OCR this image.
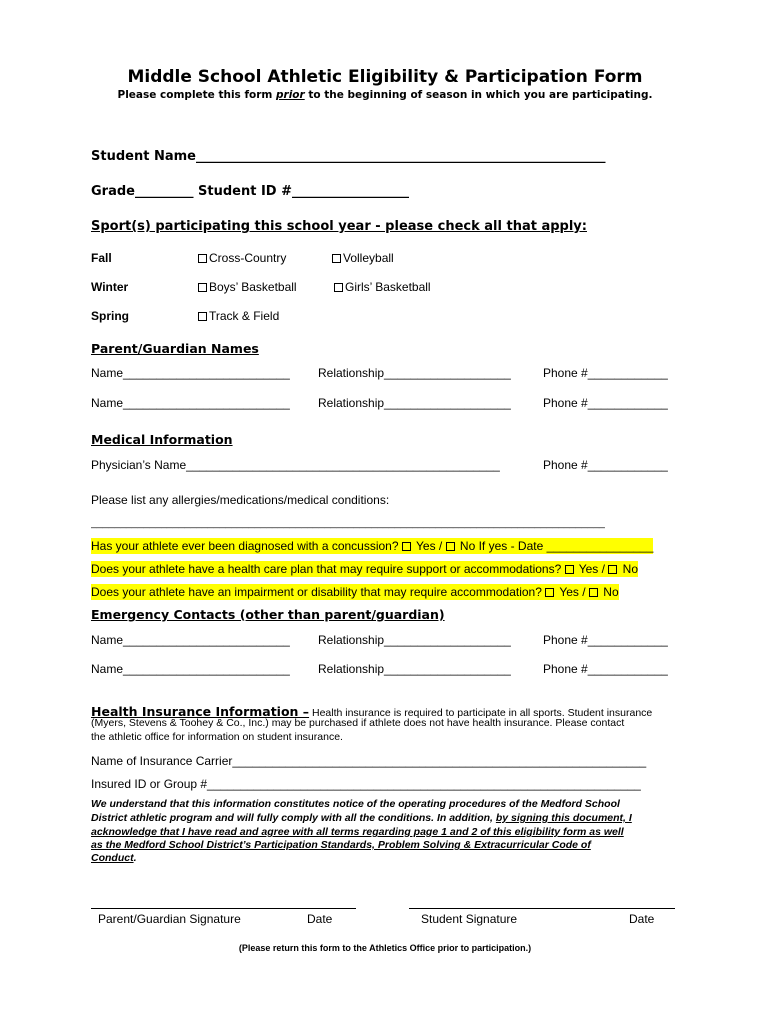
Middle School Athletic Eligibility & Participation Form
Please complete this form prior to the beginning of season in which you are participating.
Student Name_______________________________________________________________
Grade_________ Student ID #__________________
Sport(s) participating this school year - please check all that apply:
Fall	Cross-Country	Volleyball
Winter	Boys’ Basketball	Girls’ Basketball
Spring	Track & Field
Parent/Guardian Names
Name_________________________ Relationship___________________	Phone #____________
Name_________________________ Relationship___________________	Phone #____________
Medical Information
Physician’s Name_______________________________________________	Phone #____________
Please list any allergies/medications/medical conditions:
________________________________________________________________________________________
Has your athlete ever been diagnosed with a concussion?  Yes /  No If yes - Date ________________
Does your athlete have a health care plan that may require support or accommodations?  Yes /  No
Does your athlete have an impairment or disability that may require accommodation?  Yes /  No
Emergency Contacts (other than parent/guardian)
Name_________________________ Relationship___________________	Phone #____________
Name_________________________ Relationship___________________	Phone #____________
Health Insurance Information – Health insurance is required to participate in all sports. Student insurance
(Myers, Stevens & Toohey & Co., Inc.) may be purchased if athlete does not have health insurance. Please contact
the athletic office for information on student insurance.
Name of Insurance Carrier______________________________________________________________
Insured ID or Group #_________________________________________________________________
We understand that this information constitutes notice of the operating procedures of the Medford School
District athletic program and will fully comply with all the conditions. In addition, by signing this document, I
acknowledge that I have read and agree with all terms regarding page 1 and 2 of this eligibility form as well
as the Medford School District’s Participation Standards, Problem Solving & Extracurricular Code of
Conduct.
Parent/Guardian Signature	Date	Student Signature	Date
(Please return this form to the Athletics Office prior to participation.)
